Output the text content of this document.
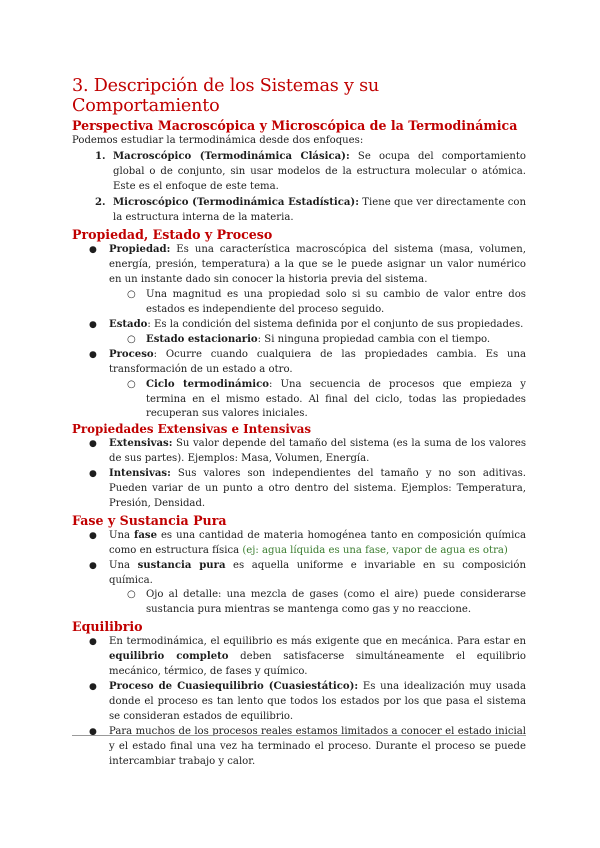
3. Descripción de los Sistemas y su Comportamiento
Perspectiva Macroscópica y Microscópica de la Termodinámica

Podemos estudiar la termodinámica desde dos enfoques:

1. Macroscópico (Termodinámica Clásica): Se ocupa del comportamiento global o de conjunto, sin usar modelos de la estructura molecular o atómica. Este es el enfoque de este tema.
2. Microscópico (Termodinámica Estadística): Tiene que ver directamente con la estructura interna de la materia.
Propiedad, Estado y Proceso
● Propiedad: Es una característica macroscópica del sistema (masa, volumen, energía, presión, temperatura) a la que se le puede asignar un valor numérico en un instante dado sin conocer la historia previa del sistema.
○ Una magnitud es una propiedad solo si su cambio de valor entre dos estados es independiente del proceso seguido.
● Estado: Es la condición del sistema definida por el conjunto de sus propiedades.
○ Estado estacionario: Si ninguna propiedad cambia con el tiempo.
● Proceso: Ocurre cuando cualquiera de las propiedades cambia. Es una transformación de un estado a otro.
○ Ciclo termodinámico: Una secuencia de procesos que empieza y termina en el mismo estado. Al final del ciclo, todas las propiedades recuperan sus valores iniciales.
Propiedades Extensivas e Intensivas
● Extensivas: Su valor depende del tamaño del sistema (es la suma de los valores de sus partes). Ejemplos: Masa, Volumen, Energía.
● Intensivas: Sus valores son independientes del tamaño y no son aditivas. Pueden variar de un punto a otro dentro del sistema. Ejemplos: Temperatura, Presión, Densidad.
Fase y Sustancia Pura
● Una fase es una cantidad de materia homogénea tanto en composición química como en estructura física (ej: agua líquida es una fase, vapor de agua es otra)
● Una sustancia pura es aquella uniforme e invariable en su composición química.
○ Ojo al detalle: una mezcla de gases (como el aire) puede considerarse sustancia pura mientras se mantenga como gas y no reaccione.
Equilibrio
● En termodinámica, el equilibrio es más exigente que en mecánica. Para estar en equilibrio completo deben satisfacerse simultáneamente el equilibrio mecánico, térmico, de fases y químico.
● Proceso de Cuasiequilibrio (Cuasiestático): Es una idealización muy usada donde el proceso es tan lento que todos los estados por los que pasa el sistema se consideran estados de equilibrio.
● Para muchos de los procesos reales estamos limitados a conocer el estado inicial y el estado final una vez ha terminado el proceso. Durante el proceso se puede intercambiar trabajo y calor.
